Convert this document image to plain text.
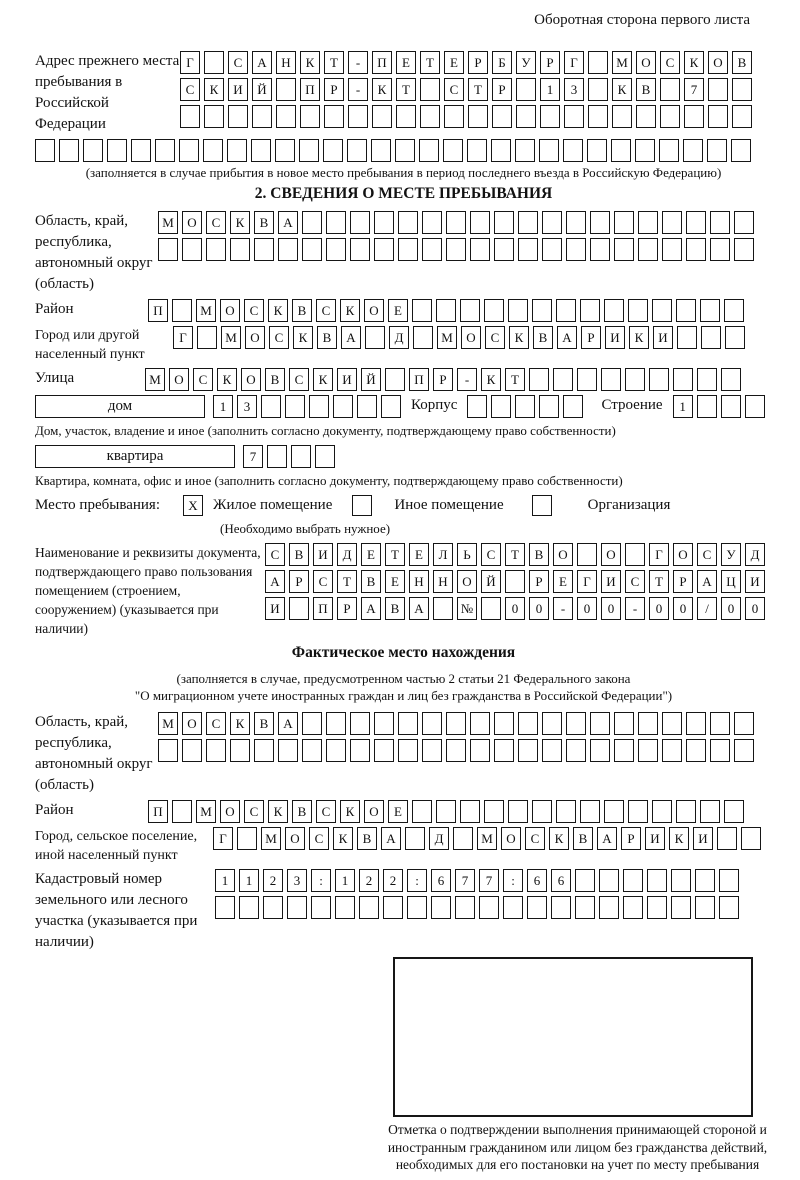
Оборотная сторона первого листа
Адрес прежнего места пребывания в Российской Федерации
Г	С	А	Н	К	Т	-	П	Е	Т	Е	Р	Б	У	Р	Г	М	О	С	К	О	В
С	К	И	Й	П	Р	-	К	Т	С	Т	Р	1	3	К	В	7
(заполняется в случае прибытия в новое место пребывания в период последнего въезда в Российскую Федерацию)
2. СВЕДЕНИЯ О МЕСТЕ ПРЕБЫВАНИЯ
Область, край, республика, автономный округ (область)
М	О	С	К	В	А
Район	П	М	О	С	К	В	С	К	О	Е
Город или другой населенный пункт
Г	М	О	С	К	В	А	Д	М	О	С	К	В	А	Р	И	К	И
Улица	М	О	С	К	О	В	С	К	И	Й	П	Р	-	К	Т
дом	1	3	Корпус	Строение	1
Дом, участок, владение и иное (заполнить согласно документу, подтверждающему право собственности)
квартира	7
Квартира, комната, офис и иное (заполнить согласно документу, подтверждающему право собственности)
Место пребывания:	X	Жилое помещение	Иное помещение	Организация
(Необходимо выбрать нужное)
Наименование и реквизиты документа, подтверждающего право пользования помещением (строением, сооружением) (указывается при наличии)
С	В	И	Д	Е	Т	Е	Л	Ь	С	Т	В	О	О	Г	О	С	У	Д
А	Р	С	Т	В	Е	Н	Н	О	Й	Р	Е	Г	И	С	Т	Р	А	Ц	И
И	П	Р	А	В	А	№	0	0	-	0	0	-	0	0	/	0	0
Фактическое место нахождения
(заполняется в случае, предусмотренном частью 2 статьи 21 Федерального закона
"О миграционном учете иностранных граждан и лиц без гражданства в Российской Федерации")
Область, край, республика, автономный округ (область)
М	О	С	К	В	А
Район	П	М	О	С	К	В	С	К	О	Е
Город, сельское поселение, иной населенный пункт
Г	М	О	С	К	В	А	Д	М	О	С	К	В	А	Р	И	К	И
Кадастровый номер земельного или лесного участка (указывается при наличии)
1	1	2	3	:	1	2	2	:	6	7	7	:	6	6
Отметка о подтверждении выполнения принимающей стороной и иностранным гражданином или лицом без гражданства действий, необходимых для его постановки на учет по месту пребывания
